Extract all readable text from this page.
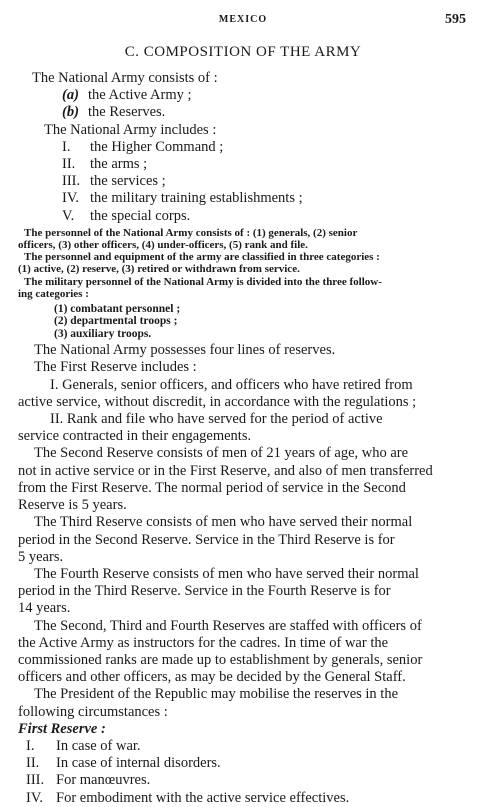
MEXICO	595
C. COMPOSITION OF THE ARMY
The National Army consists of :
(a) the Active Army ;
(b) the Reserves.
The National Army includes :
I. the Higher Command ;
II. the arms ;
III. the services ;
IV. the military training establishments ;
V. the special corps.
The personnel of the National Army consists of : (1) generals, (2) senior
officers, (3) other officers, (4) under-officers, (5) rank and file.
The personnel and equipment of the army are classified in three categories :
(1) active, (2) reserve, (3) retired or withdrawn from service.
The military personnel of the National Army is divided into the three follow-
ing categories :
(1) combatant personnel ;
(2) departmental troops ;
(3) auxiliary troops.
The National Army possesses four lines of reserves.
The First Reserve includes :
I. Generals, senior officers, and officers who have retired from
active service, without discredit, in accordance with the regulations ;
II. Rank and file who have served for the period of active
service contracted in their engagements.
The Second Reserve consists of men of 21 years of age, who are
not in active service or in the First Reserve, and also of men transferred
from the First Reserve. The normal period of service in the Second
Reserve is 5 years.
The Third Reserve consists of men who have served their normal
period in the Second Reserve. Service in the Third Reserve is for
5 years.
The Fourth Reserve consists of men who have served their normal
period in the Third Reserve. Service in the Fourth Reserve is for
14 years.
The Second, Third and Fourth Reserves are staffed with officers of
the Active Army as instructors for the cadres. In time of war the
commissioned ranks are made up to establishment by generals, senior
officers and other officers, as may be decided by the General Staff.
The President of the Republic may mobilise the reserves in the
following circumstances :
First Reserve :
I. In case of war.
II. In case of internal disorders.
III. For manœuvres.
IV. For embodiment with the active service effectives.
